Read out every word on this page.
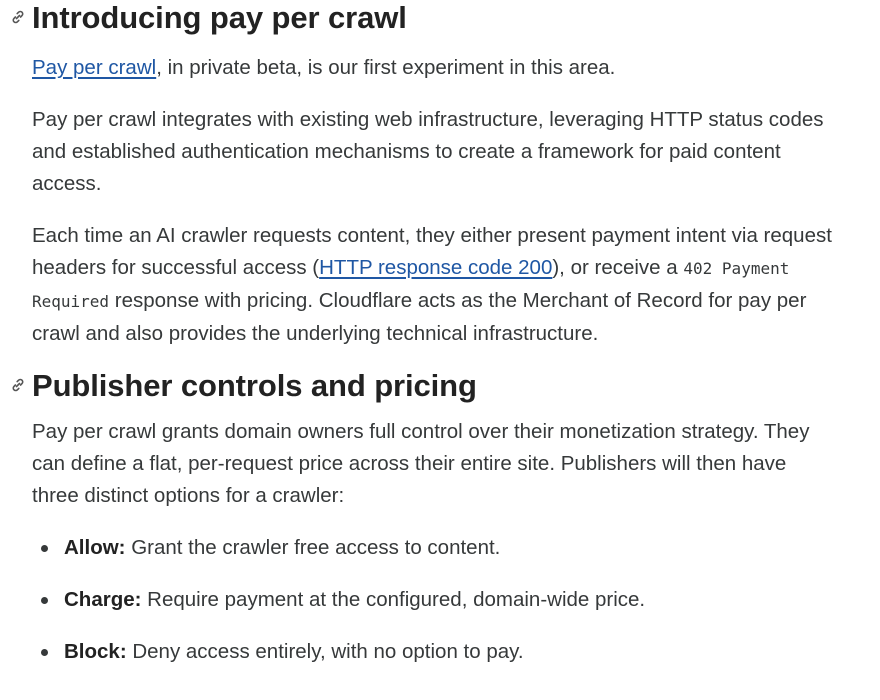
Introducing pay per crawl

Pay per crawl, in private beta, is our first experiment in this area.

Pay per crawl integrates with existing web infrastructure, leveraging HTTP status codes and established authentication mechanisms to create a framework for paid content access.

Each time an AI crawler requests content, they either present payment intent via request headers for successful access (HTTP response code 200), or receive a 402 Payment Required response with pricing. Cloudflare acts as the Merchant of Record for pay per crawl and also provides the underlying technical infrastructure.

Publisher controls and pricing

Pay per crawl grants domain owners full control over their monetization strategy. They can define a flat, per-request price across their entire site. Publishers will then have three distinct options for a crawler:

Allow: Grant the crawler free access to content.
Charge: Require payment at the configured, domain-wide price.
Block: Deny access entirely, with no option to pay.
